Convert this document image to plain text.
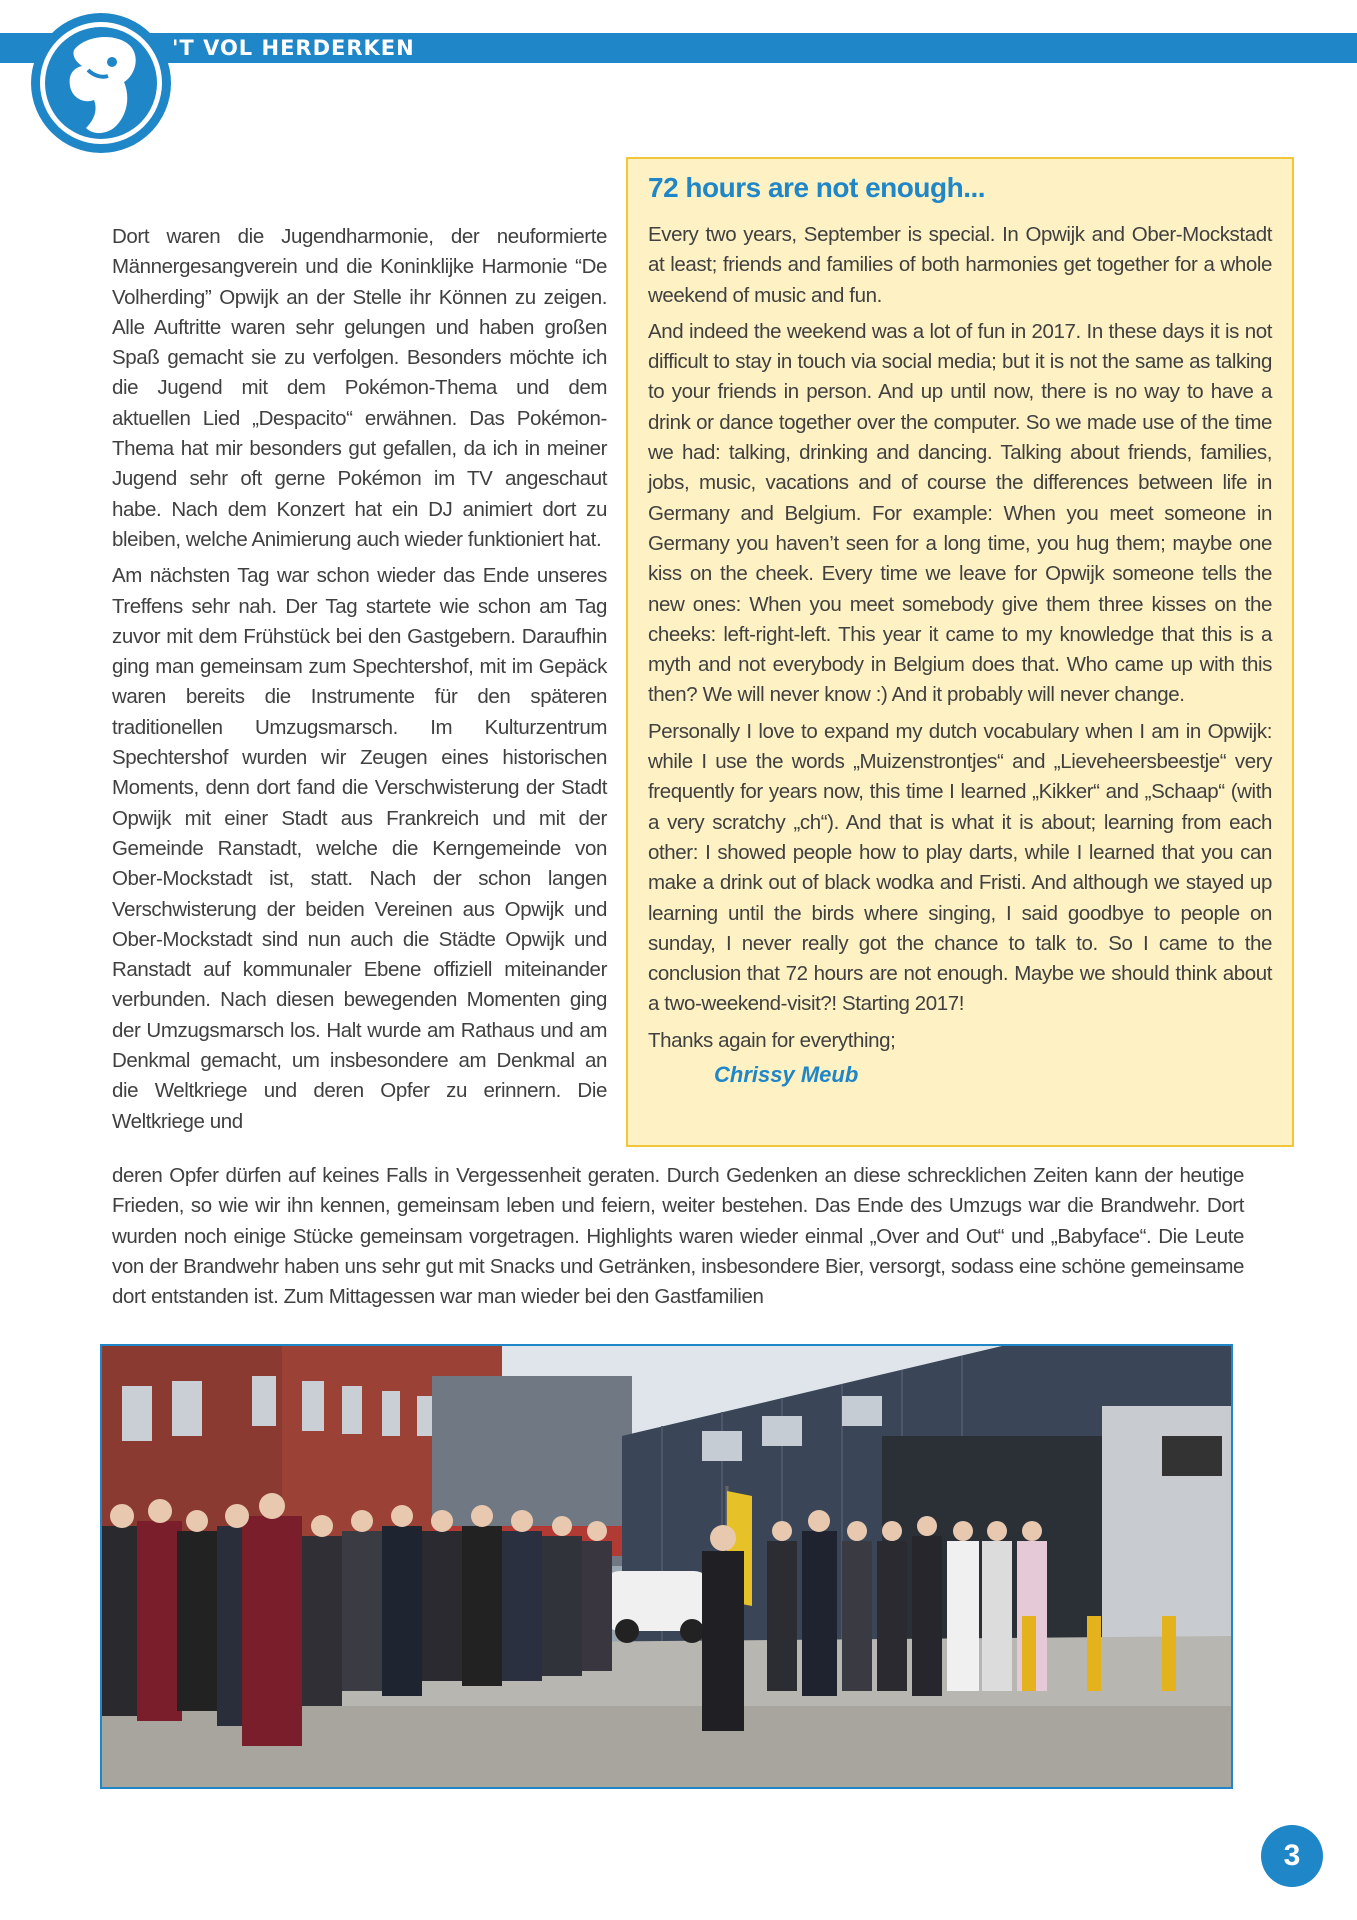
'T VOL HERDERKEN

Dort waren die Jugendharmonie, der neuformierte Männergesangverein und die Koninklijke Harmonie “De Volherding” Opwijk an der Stelle ihr Können zu zeigen. Alle Auftritte waren sehr gelungen und haben großen Spaß gemacht sie zu verfolgen. Besonders möchte ich die Jugend mit dem Pokémon-Thema und dem aktuellen Lied „Despacito“ erwähnen. Das Pokémon-Thema hat mir besonders gut gefallen, da ich in meiner Jugend sehr oft gerne Pokémon im TV angeschaut habe. Nach dem Konzert hat ein DJ animiert dort zu bleiben, welche Animierung auch wieder funktioniert hat.

Am nächsten Tag war schon wieder das Ende unseres Treffens sehr nah. Der Tag startete wie schon am Tag zuvor mit dem Frühstück bei den Gastgebern. Daraufhin ging man gemeinsam zum Spechtershof, mit im Gepäck waren bereits die Instrumente für den späteren traditionellen Umzugsmarsch. Im Kulturzentrum Spechtershof wurden wir Zeugen eines historischen Moments, denn dort fand die Verschwisterung der Stadt Opwijk mit einer Stadt aus Frankreich und mit der Gemeinde Ranstadt, welche die Kerngemeinde von Ober-Mockstadt ist, statt. Nach der schon langen Verschwisterung der beiden Vereinen aus Opwijk und Ober-Mockstadt sind nun auch die Städte Opwijk und Ranstadt auf kommunaler Ebene offiziell miteinander verbunden. Nach diesen bewegenden Momenten ging der Umzugsmarsch los. Halt wurde am Rathaus und am Denkmal gemacht, um insbesondere am Denkmal an die Weltkriege und deren Opfer zu erinnern. Die Weltkriege und

72 hours are not enough...

Every two years, September is special. In Opwijk and Ober-Mockstadt at least; friends and families of both harmonies get together for a whole weekend of music and fun.

And indeed the weekend was a lot of fun in 2017. In these days it is not difficult to stay in touch via social media; but it is not the same as talking to your friends in person. And up until now, there is no way to have a drink or dance together over the computer. So we made use of the time we had: talking, drinking and dancing. Talking about friends, families, jobs, music, vacations and of course the differences between life in Germany and Belgium. For example: When you meet someone in Germany you haven’t seen for a long time, you hug them; maybe one kiss on the cheek. Every time we leave for Opwijk someone tells the new ones: When you meet somebody give them three kisses on the cheeks: left-right-left. This year it came to my knowledge that this is a myth and not everybody in Belgium does that. Who came up with this then? We will never know :) And it probably will never change.

Personally I love to expand my dutch vocabulary when I am in Opwijk: while I use the words „Muizenstrontjes“ and „Lieveheersbeestje“ very frequently for years now, this time I learned „Kikker“ and „Schaap“ (with a very scratchy „ch“). And that is what it is about; learning from each other: I showed people how to play darts, while I learned that you can make a drink out of black wodka and Fristi. And although we stayed up learning until the birds where singing, I said goodbye to people on sunday, I never really got the chance to talk to. So I came to the conclusion that 72 hours are not enough. Maybe we should think about a two-weekend-visit?! Starting 2017!

Thanks again for everything;

Chrissy Meub

deren Opfer dürfen auf keines Falls in Vergessenheit geraten. Durch Gedenken an diese schrecklichen Zeiten kann der heutige Frieden, so wie wir ihn kennen, gemeinsam leben und feiern, weiter bestehen. Das Ende des Umzugs war die Brandwehr. Dort wurden noch einige Stücke gemeinsam vorgetragen. Highlights waren wieder einmal „Over and Out“ und „Babyface“. Die Leute von der Brandwehr haben uns sehr gut mit Snacks und Getränken, insbesondere Bier, versorgt, sodass eine schöne gemeinsame dort entstanden ist. Zum Mittagessen war man wieder bei den Gastfamilien

3
